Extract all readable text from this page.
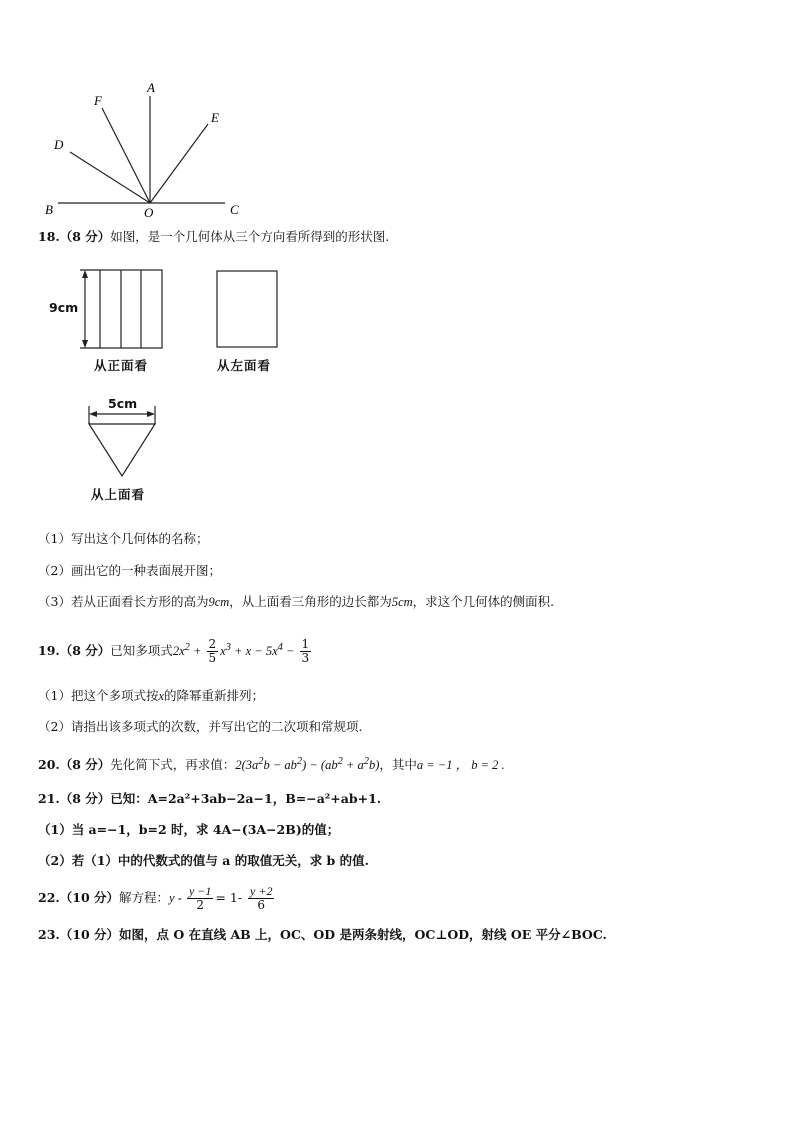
A
F
D
E
B	O	C
18.（8 分）如图，是一个几何体从三个方向看所得到的形状图.
9cm
从正面看	从左面看
5cm
从上面看
（1）写出这个几何体的名称；
（2）画出它的一种表面展开图；
（3）若从正面看长方形的高为9cm，从上面看三角形的边长都为5cm，求这个几何体的侧面积.
19.（8 分）已知多项式$2x^2 + \frac{2}{5} x^3 + x - 5x^4 - \frac{1}{3}$
（1）把这个多项式按x的降幂重新排列；
（2）请指出该多项式的次数，并写出它的二次项和常规项.
20.（8 分）先化简下式，再求值：$2(3a^2b - ab^2) - (ab^2 + a^2b)$，其中a = −1 ， b = 2 .
21.（8 分）已知：A=2a²+3ab−2a−1，B=−a²+ab+1.
（1）当 a=−1，b=2 时，求 4A−(3A−2B)的值；
（2）若（1）中的代数式的值与 a 的取值无关，求 b 的值.
22.（10 分）解方程：$y - \frac{y -1}{2} = 1- \frac{y +2}{6}$
23.（10 分）如图，点 O 在直线 AB 上，OC、OD 是两条射线，OC⊥OD，射线 OE 平分∠BOC.
